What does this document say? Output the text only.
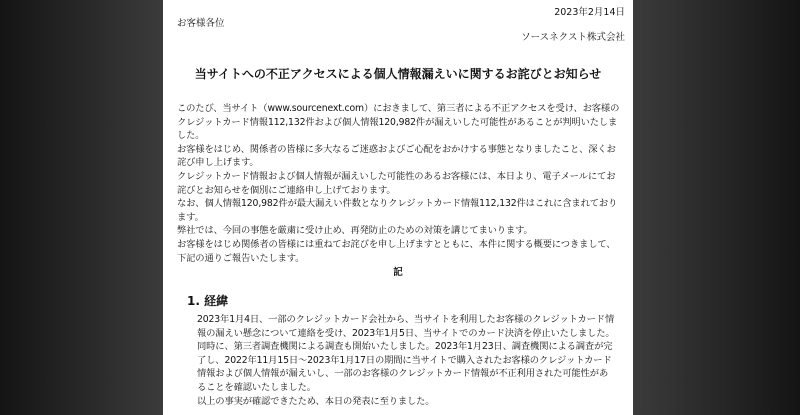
2023年2月14日
お客様各位
ソースネクスト株式会社
当サイトへの不正アクセスによる個人情報漏えいに関するお詫びとお知らせ

このたび、当サイト（www.sourcenext.com）におきまして、第三者による不正アクセスを受け、お客様のクレジットカード情報112,132件および個人情報120,982件が漏えいした可能性があることが判明いたしました。

お客様をはじめ、関係者の皆様に多大なるご迷惑およびご心配をおかけする事態となりましたこと、深くお詫び申し上げます。

クレジットカード情報および個人情報が漏えいした可能性のあるお客様には、本日より、電子メールにてお詫びとお知らせを個別にご連絡申し上げております。

なお、個人情報120,982件が最大漏えい件数となりクレジットカード情報112,132件はこれに含まれております。

弊社では、今回の事態を厳粛に受け止め、再発防止のための対策を講じてまいります。

お客様をはじめ関係者の皆様には重ねてお詫びを申し上げますとともに、本件に関する概要につきまして、下記の通りご報告いたします。

記
1. 経緯

2023年1月4日、一部のクレジットカード会社から、当サイトを利用したお客様のクレジットカード情報の漏えい懸念について連絡を受け、2023年1月5日、当サイトでのカード決済を停止いたしました。

同時に、第三者調査機関による調査も開始いたしました。2023年1月23日、調査機関による調査が完了し、2022年11月15日〜2023年1月17日の期間に当サイトで購入されたお客様のクレジットカード情報および個人情報が漏えいし、一部のお客様のクレジットカード情報が不正利用された可能性があることを確認いたしました。

以上の事実が確認できたため、本日の発表に至りました。
